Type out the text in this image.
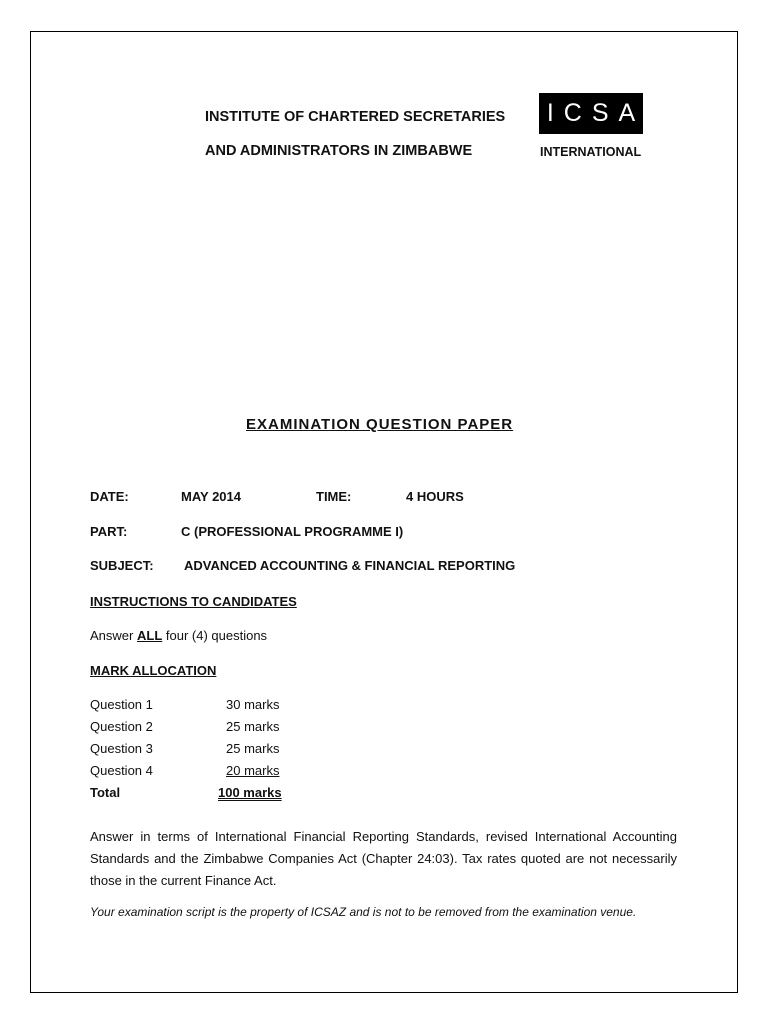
INSTITUTE OF CHARTERED SECRETARIES
AND ADMINISTRATORS IN ZIMBABWE
ICSA
INTERNATIONAL
EXAMINATION QUESTION PAPER
DATE:	MAY 2014	TIME:	4 HOURS
PART:	C (PROFESSIONAL PROGRAMME I)
SUBJECT: ADVANCED ACCOUNTING & FINANCIAL REPORTING
INSTRUCTIONS TO CANDIDATES
Answer ALL four (4) questions
MARK ALLOCATION
Question 1	30 marks
Question 2	25 marks
Question 3	25 marks
Question 4	20 marks
Total	100 marks
Answer in terms of International Financial Reporting Standards, revised International Accounting Standards and the Zimbabwe Companies Act (Chapter 24:03). Tax rates quoted are not necessarily those in the current Finance Act.
Your examination script is the property of ICSAZ and is not to be removed from the examination venue.
